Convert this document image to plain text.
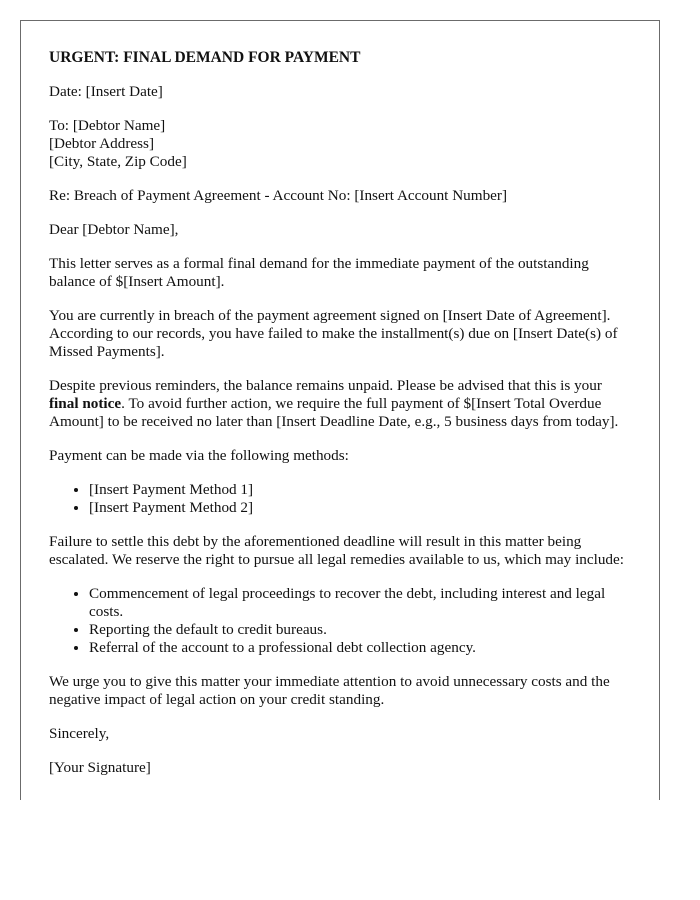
URGENT: FINAL DEMAND FOR PAYMENT

Date: [Insert Date]

To: [Debtor Name]
[Debtor Address]
[City, State, Zip Code]

Re: Breach of Payment Agreement - Account No: [Insert Account Number]

Dear [Debtor Name],

This letter serves as a formal final demand for the immediate payment of the outstanding balance of $[Insert Amount].

You are currently in breach of the payment agreement signed on [Insert Date of Agreement]. According to our records, you have failed to make the installment(s) due on [Insert Date(s) of Missed Payments].

Despite previous reminders, the balance remains unpaid. Please be advised that this is your final notice. To avoid further action, we require the full payment of $[Insert Total Overdue Amount] to be received no later than [Insert Deadline Date, e.g., 5 business days from today].

Payment can be made via the following methods:

• [Insert Payment Method 1]
• [Insert Payment Method 2]

Failure to settle this debt by the aforementioned deadline will result in this matter being escalated. We reserve the right to pursue all legal remedies available to us, which may include:

• Commencement of legal proceedings to recover the debt, including interest and legal costs.
• Reporting the default to credit bureaus.
• Referral of the account to a professional debt collection agency.

We urge you to give this matter your immediate attention to avoid unnecessary costs and the negative impact of legal action on your credit standing.

Sincerely,

[Your Signature]
